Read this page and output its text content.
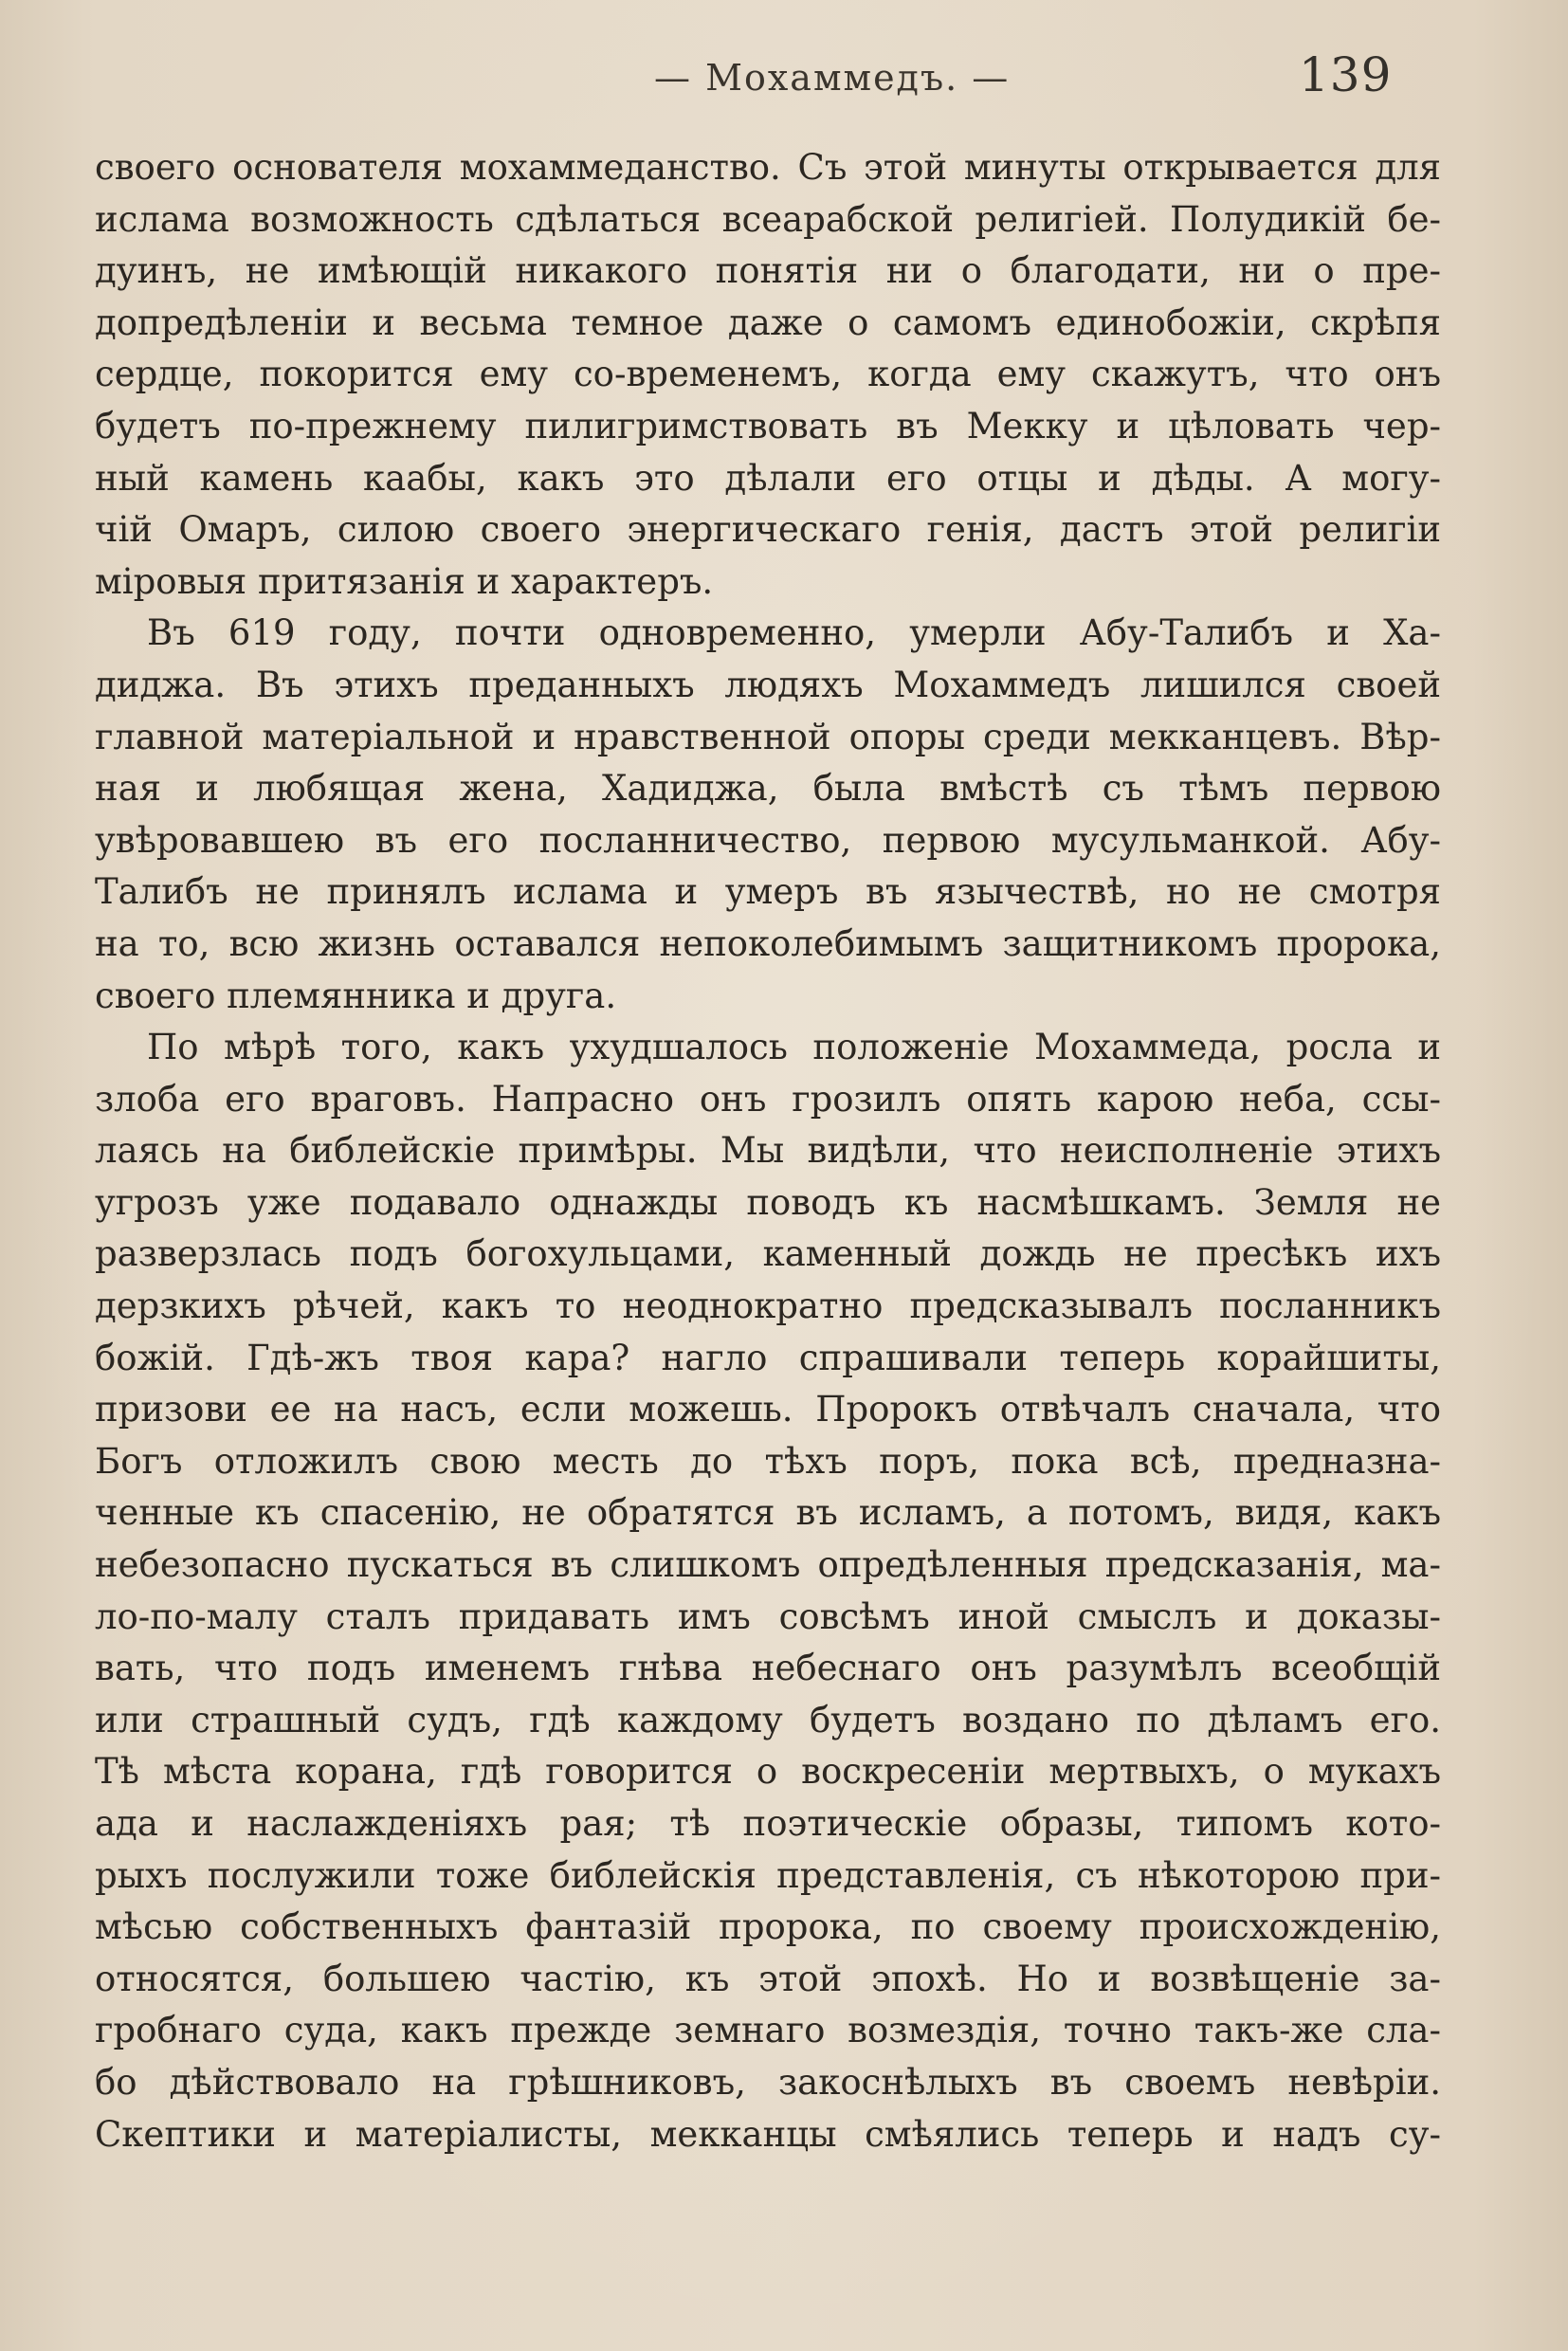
— Мохаммедъ. —	139
своего основателя мохаммеданство. Съ этой минуты открывается для
ислама возможность сдѣлаться всеарабской религіей. Полудикій бе-
дуинъ, не имѣющій никакого понятія ни о благодати, ни о пре-
допредѣленіи и весьма темное даже о самомъ единобожіи, скрѣпя
сердце, покорится ему со-временемъ, когда ему скажутъ, что онъ
будетъ по-прежнему пилигримствовать въ Мекку и цѣловать чер-
ный камень каабы, какъ это дѣлали его отцы и дѣды. А могу-
чій Омаръ, силою своего энергическаго генія, дастъ этой религіи
міровыя притязанія и характеръ.
Въ 619 году, почти одновременно, умерли Абу-Талибъ и Ха-
диджа. Въ этихъ преданныхъ людяхъ Мохаммедъ лишился своей
главной матеріальной и нравственной опоры среди мекканцевъ. Вѣр-
ная и любящая жена, Хадиджа, была вмѣстѣ съ тѣмъ первою
увѣровавшею въ его посланничество, первою мусульманкой. Абу-
Талибъ не принялъ ислама и умеръ въ язычествѣ, но не смотря
на то, всю жизнь оставался непоколебимымъ защитникомъ пророка,
своего племянника и друга.
По мѣрѣ того, какъ ухудшалось положеніе Мохаммеда, росла и
злоба его враговъ. Напрасно онъ грозилъ опять карою неба, ссы-
лаясь на библейскіе примѣры. Мы видѣли, что неисполненіе этихъ
угрозъ уже подавало однажды поводъ къ насмѣшкамъ. Земля не
разверзлась подъ богохульцами, каменный дождь не пресѣкъ ихъ
дерзкихъ рѣчей, какъ то неоднократно предсказывалъ посланникъ
божій. Гдѣ-жъ твоя кара? нагло спрашивали теперь корайшиты,
призови ее на насъ, если можешь. Пророкъ отвѣчалъ сначала, что
Богъ отложилъ свою месть до тѣхъ поръ, пока всѣ, предназна-
ченные къ спасенію, не обратятся въ исламъ, а потомъ, видя, какъ
небезопасно пускаться въ слишкомъ опредѣленныя предсказанія, ма-
ло-по-малу сталъ придавать имъ совсѣмъ иной смыслъ и доказы-
вать, что подъ именемъ гнѣва небеснаго онъ разумѣлъ всеобщій
или страшный судъ, гдѣ каждому будетъ воздано по дѣламъ его.
Тѣ мѣста корана, гдѣ говорится о воскресеніи мертвыхъ, о мукахъ
ада и наслажденіяхъ рая; тѣ поэтическіе образы, типомъ кото-
рыхъ послужили тоже библейскія представленія, съ нѣкоторою при-
мѣсью собственныхъ фантазій пророка, по своему происхожденію,
относятся, большею частію, къ этой эпохѣ. Но и возвѣщеніе за-
гробнаго суда, какъ прежде земнаго возмездія, точно такъ-же сла-
бо дѣйствовало на грѣшниковъ, закоснѣлыхъ въ своемъ невѣріи.
Скептики и матеріалисты, мекканцы смѣялись теперь и надъ су-
